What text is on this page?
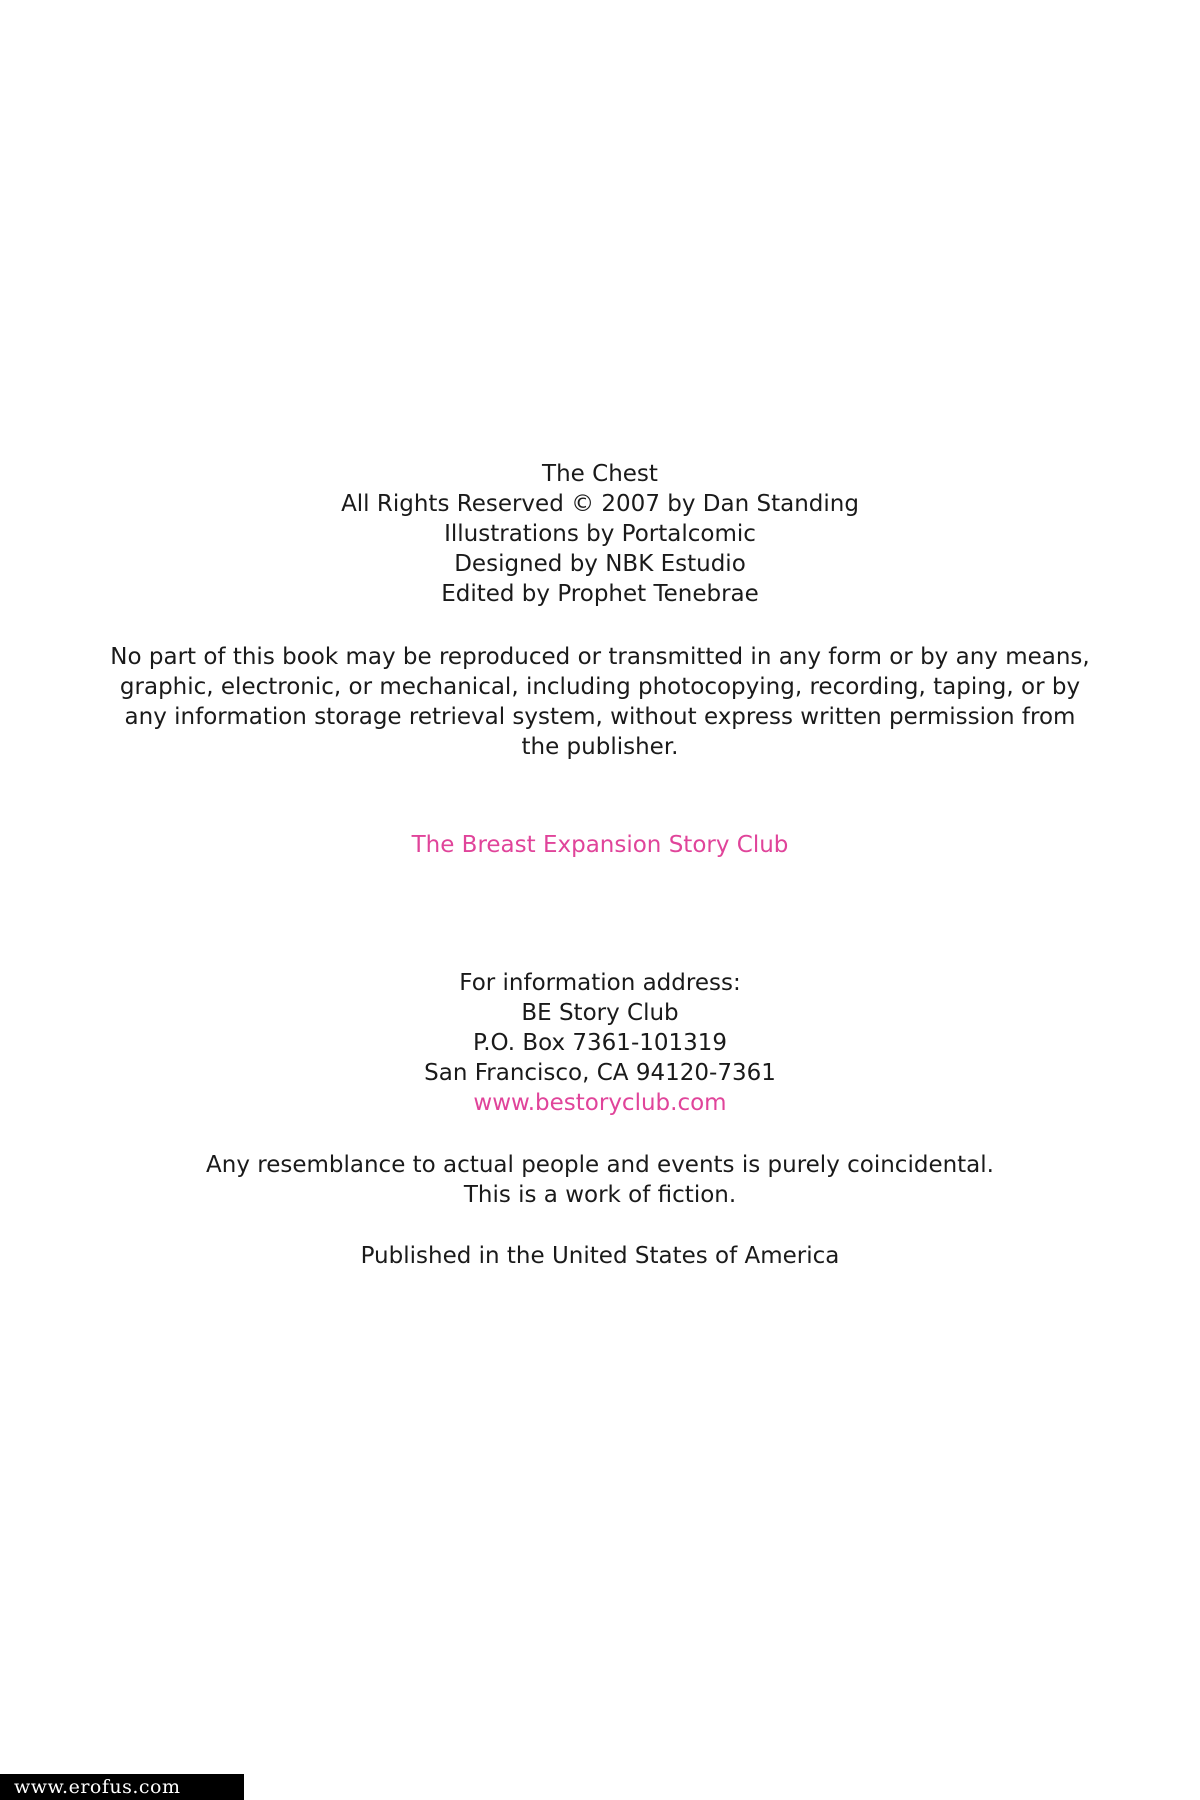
The Chest
All Rights Reserved © 2007 by Dan Standing
Illustrations by Portalcomic
Designed by NBK Estudio
Edited by Prophet Tenebrae
No part of this book may be reproduced or transmitted in any form or by any means,
graphic, electronic, or mechanical, including photocopying, recording, taping, or by
any information storage retrieval system, without express written permission from
the publisher.
The Breast Expansion Story Club
For information address:
BE Story Club
P.O. Box 7361-101319
San Francisco, CA 94120-7361
www.bestoryclub.com
Any resemblance to actual people and events is purely coincidental.
This is a work of fiction.
Published in the United States of America
www.erofus.com
